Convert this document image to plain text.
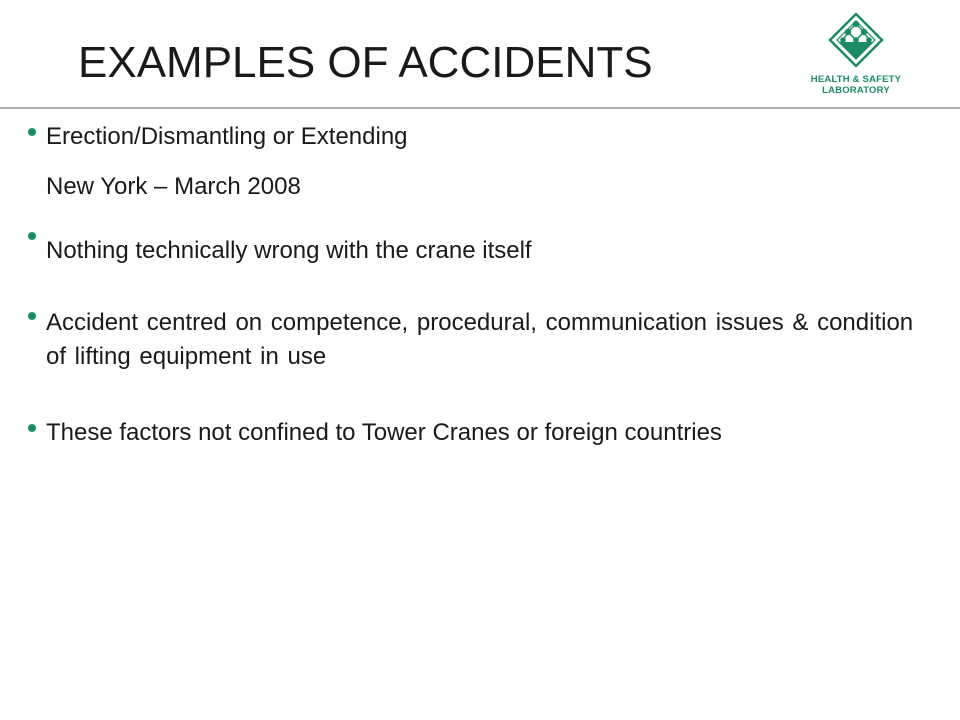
EXAMPLES OF ACCIDENTS	HEALTH & SAFETY
LABORATORY
Erection/Dismantling or Extending
New York – March 2008
Nothing technically wrong with the crane itself
Accident centred on competence, procedural, communication issues & condition of lifting equipment in use
These factors not confined to Tower Cranes or foreign countries
